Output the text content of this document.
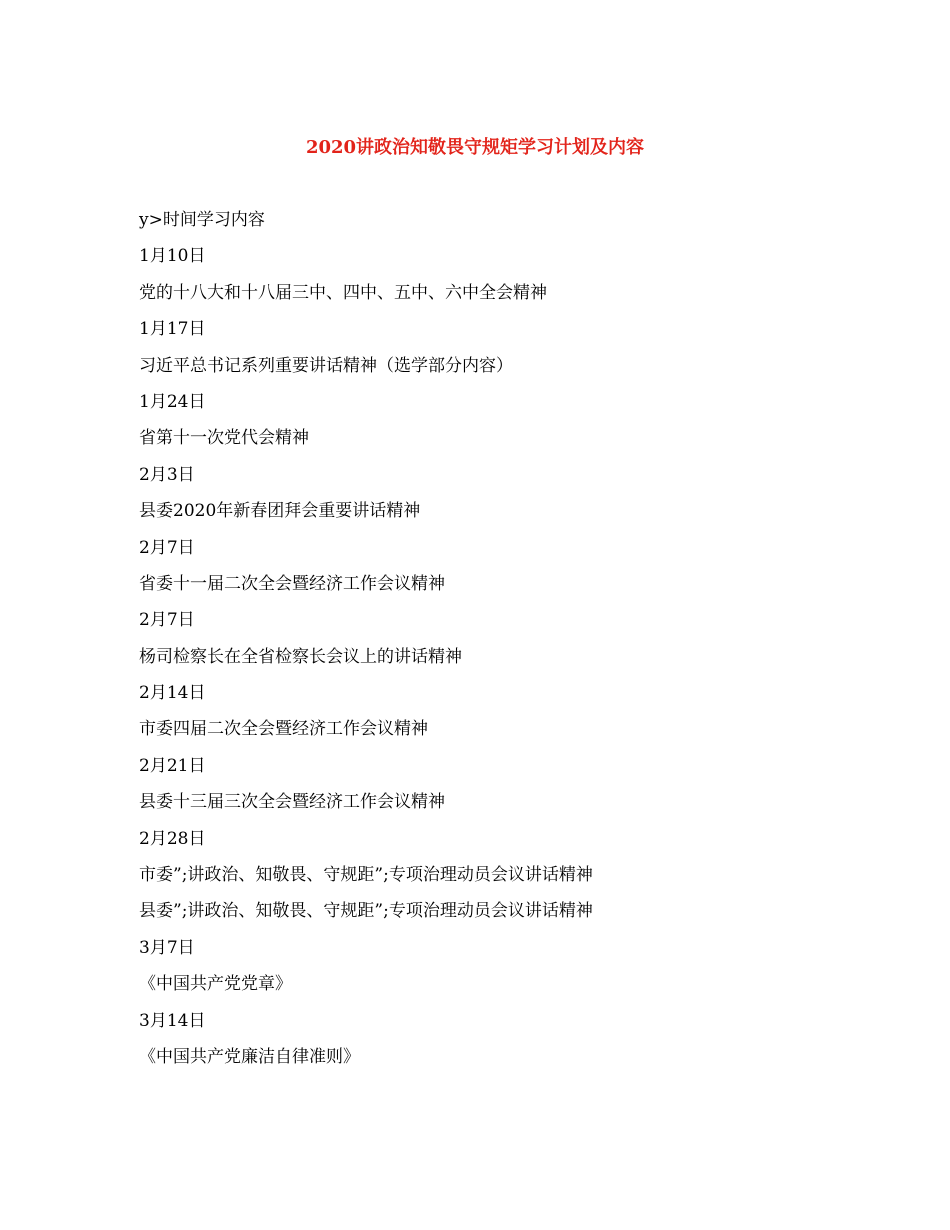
2020讲政治知敬畏守规矩学习计划及内容
y>时间学习内容
1月10日
党的十八大和十八届三中、四中、五中、六中全会精神
1月17日
习近平总书记系列重要讲话精神（选学部分内容）
1月24日
省第十一次党代会精神
2月3日
县委2020年新春团拜会重要讲话精神
2月7日
省委十一届二次全会暨经济工作会议精神
2月7日
杨司检察长在全省检察长会议上的讲话精神
2月14日
市委四届二次全会暨经济工作会议精神
2月21日
县委十三届三次全会暨经济工作会议精神
2月28日
市委”;讲政治、知敬畏、守规距”;专项治理动员会议讲话精神
县委”;讲政治、知敬畏、守规距”;专项治理动员会议讲话精神
3月7日
《中国共产党党章》
3月14日
《中国共产党廉洁自律准则》
